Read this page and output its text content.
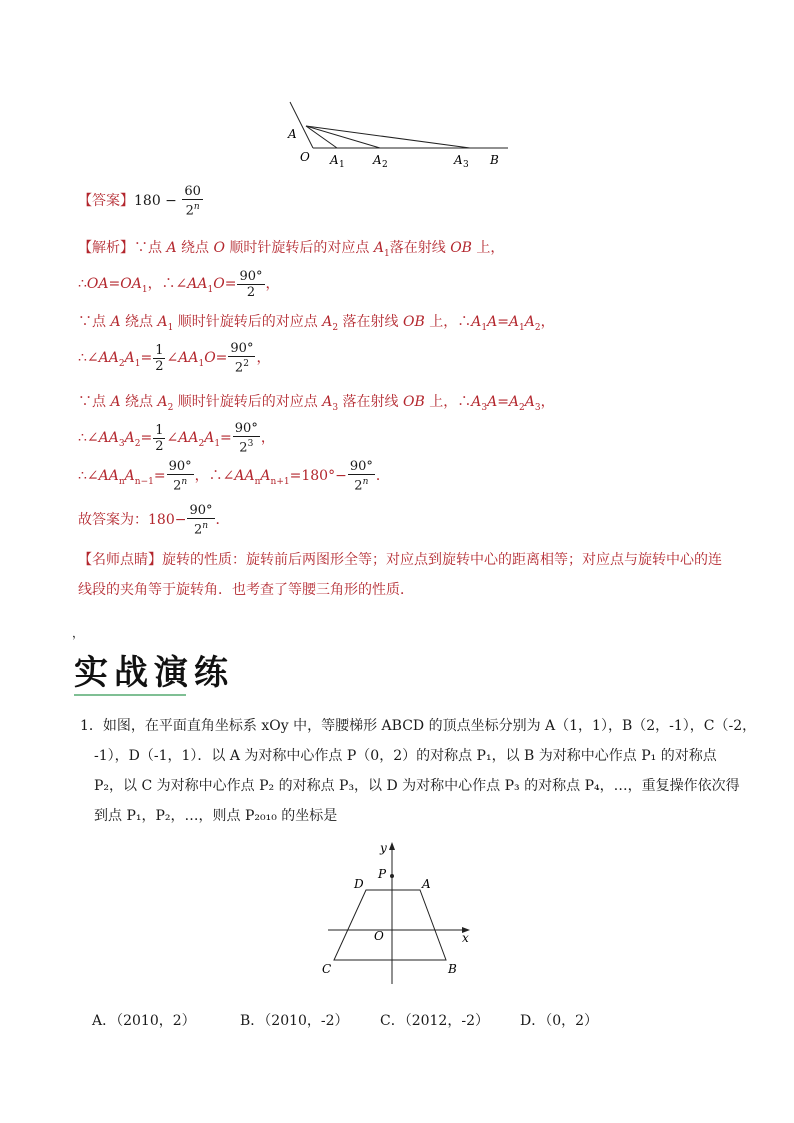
A
O A 1 A 2	A 3 B
【答案】$180 - \frac{60}{2^n}$
【解析】∵点 A 绕点 O 顺时针旋转后的对应点 $A_1$落在射线 OB 上，
$\therefore OA=OA_1$，$\therefore\angle AA_1O= \frac{90^\circ}{2}$ ，
∵点 A 绕点 $A_1$ 顺时针旋转后的对应点 $A_2$ 落在射线 OB 上，$\therefore A_1A=A_1A_2$，
$\therefore\angle AA_2A_1= \frac{1}{2}$ $\angle AA_1O= \frac{90^\circ}{2^2}$ ，
∵点 A 绕点 $A_2$ 顺时针旋转后的对应点 $A_3$ 落在射线 OB 上，$\therefore A_3A=A_2A_3$，
$\therefore\angle AA_3A_2= \frac{1}{2}$ $\angle AA_2A_1= \frac{90^\circ}{2^3}$ ，
$\therefore\angle AA_nA_{n-1}= \frac{90^\circ}{2^n}$ ，$\therefore\angle AA_nA_{n+1}=180^\circ- \frac{90^\circ}{2^n}$ ．
故答案为：$180- \frac{90^\circ}{2^n}$ ．
【名师点睛】旋转的性质：旋转前后两图形全等；对应点到旋转中心的距离相等；对应点与旋转中心的连
线段的夹角等于旋转角．也考查了等腰三角形的性质．
，
实战演练
1．如图，在平面直角坐标系 xOy 中，等腰梯形 ABCD 的顶点坐标分别为 A（1，1），B（2，-1），C（-2，
-1），D（-1，1）．以 A 为对称中心作点 P（0，2）的对称点 P₁，以 B 为对称中心作点 P₁ 的对称点
P₂，以 C 为对称中心作点 P₂ 的对称点 P₃，以 D 为对称中心作点 P₃ 的对称点 P₄，…，重复操作依次得
到点 P₁，P₂，…，则点 P₂₀₁₀ 的坐标是
y
x
P
D	A
O
C	B
A．（2010，2）	B．（2010，-2） C．（2012，-2） D．（0，2）
